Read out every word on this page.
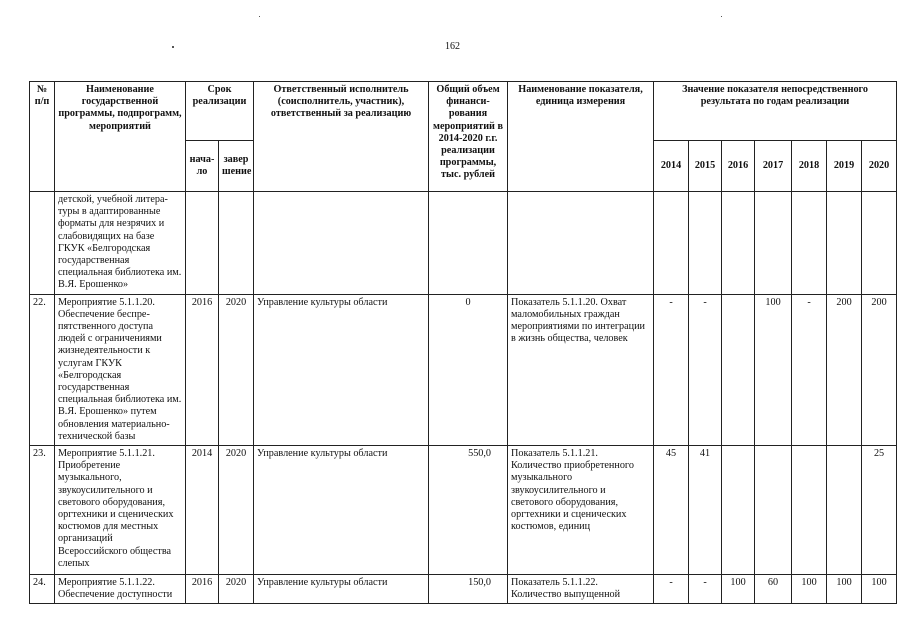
162
№ п/п	Наименование государственной программы, подпрограмм, мероприятий	Срок реализации		Ответственный исполнитель (соисполнитель, участник), ответственный за реализацию	Общий объем финанси-рования мероприятий в 2014-2020 г.г. реализации программы, тыс. рублей	Наименование показателя, единица измерения	Значение показателя непосредственного результата по годам реализации						
		нача-ло	завер шение				2014	2015	2016	2017	2018	2019	2020
	детской, учебной литера-туры в адаптированные форматы для незрячих и слабовидящих на базе ГКУК «Белгородская государственная специальная библиотека им. В.Я. Ерошенко»												
22.	Мероприятие 5.1.1.20. Обеспечение беспре-пятственного доступа людей с ограничениями жизнедеятельности к услугам ГКУК «Белгородская государственная специальная библиотека им. В.Я. Ерошенко» путем обновления материально-технической базы	2016	2020	Управление культуры области	0	Показатель 5.1.1.20. Охват маломобильных граждан мероприятиями по интеграции в жизнь общества, человек	-	-		100	-	200	200
23.	Мероприятие 5.1.1.21. Приобретение музыкального, звукоусилительного и светового оборудования, оргтехники и сценических костюмов для местных организаций Всероссийского общества слепых	2014	2020	Управление культуры области	550,0	Показатель 5.1.1.21. Количество приобретенного музыкального звукоусилительного и светового оборудования, оргтехники и сценических костюмов, единиц	45	41					25
24.	Мероприятие 5.1.1.22. Обеспечение доступности	2016	2020	Управление культуры области	150,0	Показатель 5.1.1.22. Количество выпущенной	-	-	100	60	100	100	100
